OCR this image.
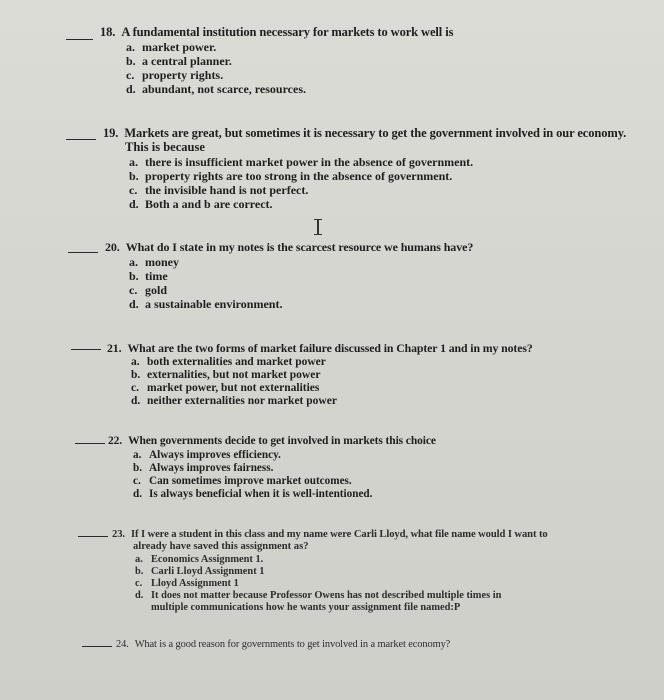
18. A fundamental institution necessary for markets to work well is
a. market power.
b. a central planner.
c. property rights.
d. abundant, not scarce, resources.
19. Markets are great, but sometimes it is necessary to get the government involved in our economy.
This is because
a. there is insufficient market power in the absence of government.
b. property rights are too strong in the absence of government.
c. the invisible hand is not perfect.
d. Both a and b are correct.
20. What do I state in my notes is the scarcest resource we humans have?
a. money
b. time
c. gold
d. a sustainable environment.
21. What are the two forms of market failure discussed in Chapter 1 and in my notes?
a. both externalities and market power
b. externalities, but not market power
c. market power, but not externalities
d. neither externalities nor market power
22. When governments decide to get involved in markets this choice
a. Always improves efficiency.
b. Always improves fairness.
c. Can sometimes improve market outcomes.
d. Is always beneficial when it is well-intentioned.
23. If I were a student in this class and my name were Carli Lloyd, what file name would I want to
already have saved this assignment as?
a. Economics Assignment 1.
b. Carli Lloyd Assignment 1
c. Lloyd Assignment 1
d. It does not matter because Professor Owens has not described multiple times in
multiple communications how he wants your assignment file named:P
24. What is a good reason for governments to get involved in a market economy?
